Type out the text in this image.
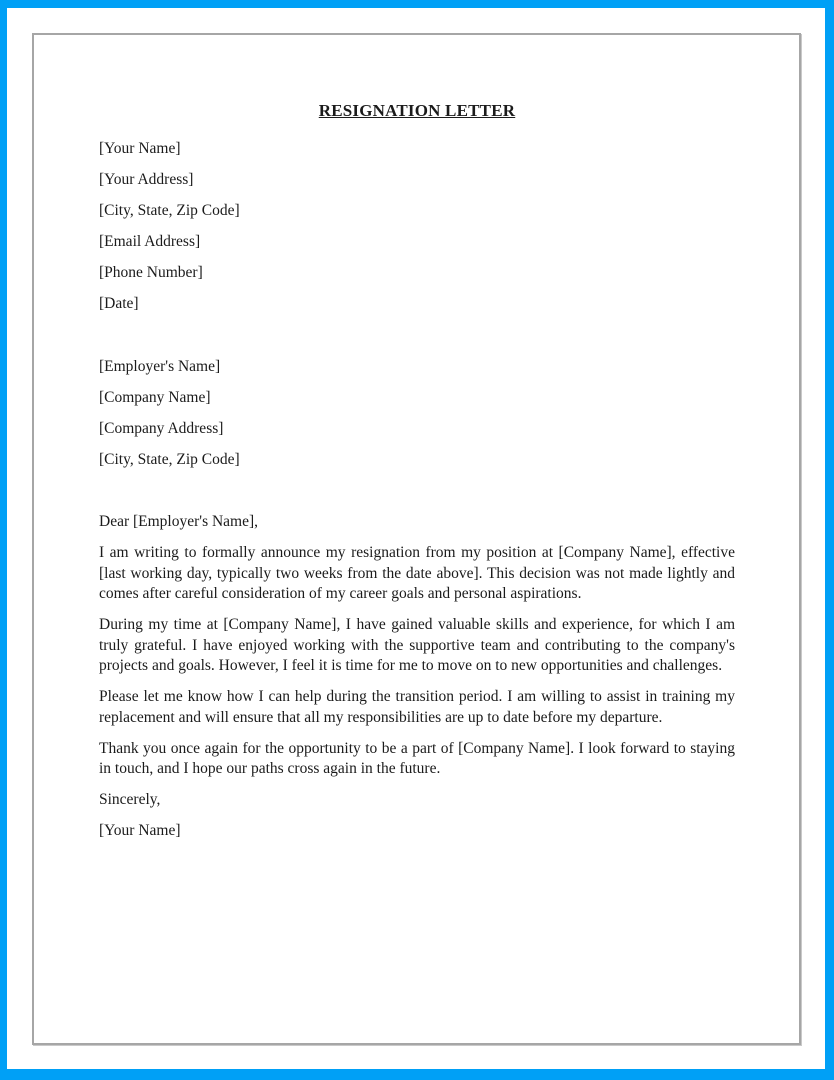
RESIGNATION LETTER

[Your Name]

[Your Address]

[City, State, Zip Code]

[Email Address]

[Phone Number]

[Date]

[Employer's Name]

[Company Name]

[Company Address]

[City, State, Zip Code]

Dear [Employer's Name],

I am writing to formally announce my resignation from my position at [Company Name], effective [last working day, typically two weeks from the date above]. This decision was not made lightly and comes after careful consideration of my career goals and personal aspirations.

During my time at [Company Name], I have gained valuable skills and experience, for which I am truly grateful. I have enjoyed working with the supportive team and contributing to the company's projects and goals. However, I feel it is time for me to move on to new opportunities and challenges.

Please let me know how I can help during the transition period. I am willing to assist in training my replacement and will ensure that all my responsibilities are up to date before my departure.

Thank you once again for the opportunity to be a part of [Company Name]. I look forward to staying in touch, and I hope our paths cross again in the future.

Sincerely,

[Your Name]
